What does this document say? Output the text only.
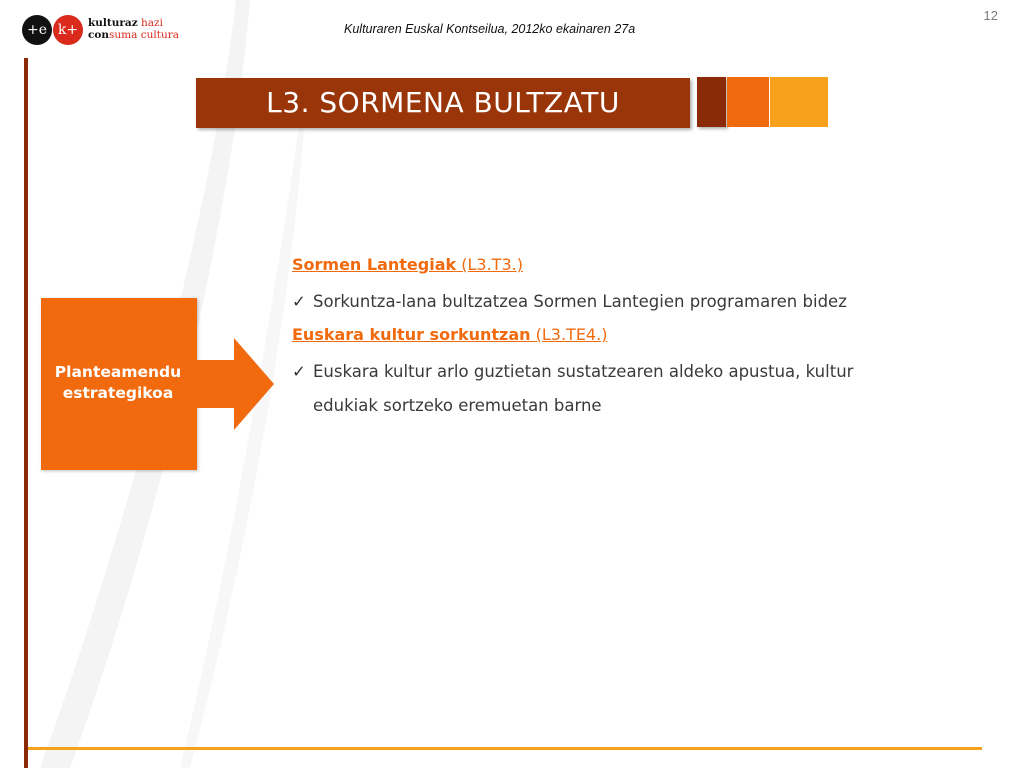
+e k+ kulturaz hazi
consuma cultura	Kulturaren Euskal Kontseilua, 2012ko ekainaren 27a
12
L3. SORMENA BULTZATU
Planteamendu
estrategikoa
Sormen Lantegiak (L3.T3.)
✓ Sorkuntza-lana bultzatzea Sormen Lantegien programaren bidez
Euskara kultur sorkuntzan (L3.TE4.)
✓ Euskara kultur arlo guztietan sustatzearen aldeko apustua, kultur
edukiak sortzeko eremuetan barne
